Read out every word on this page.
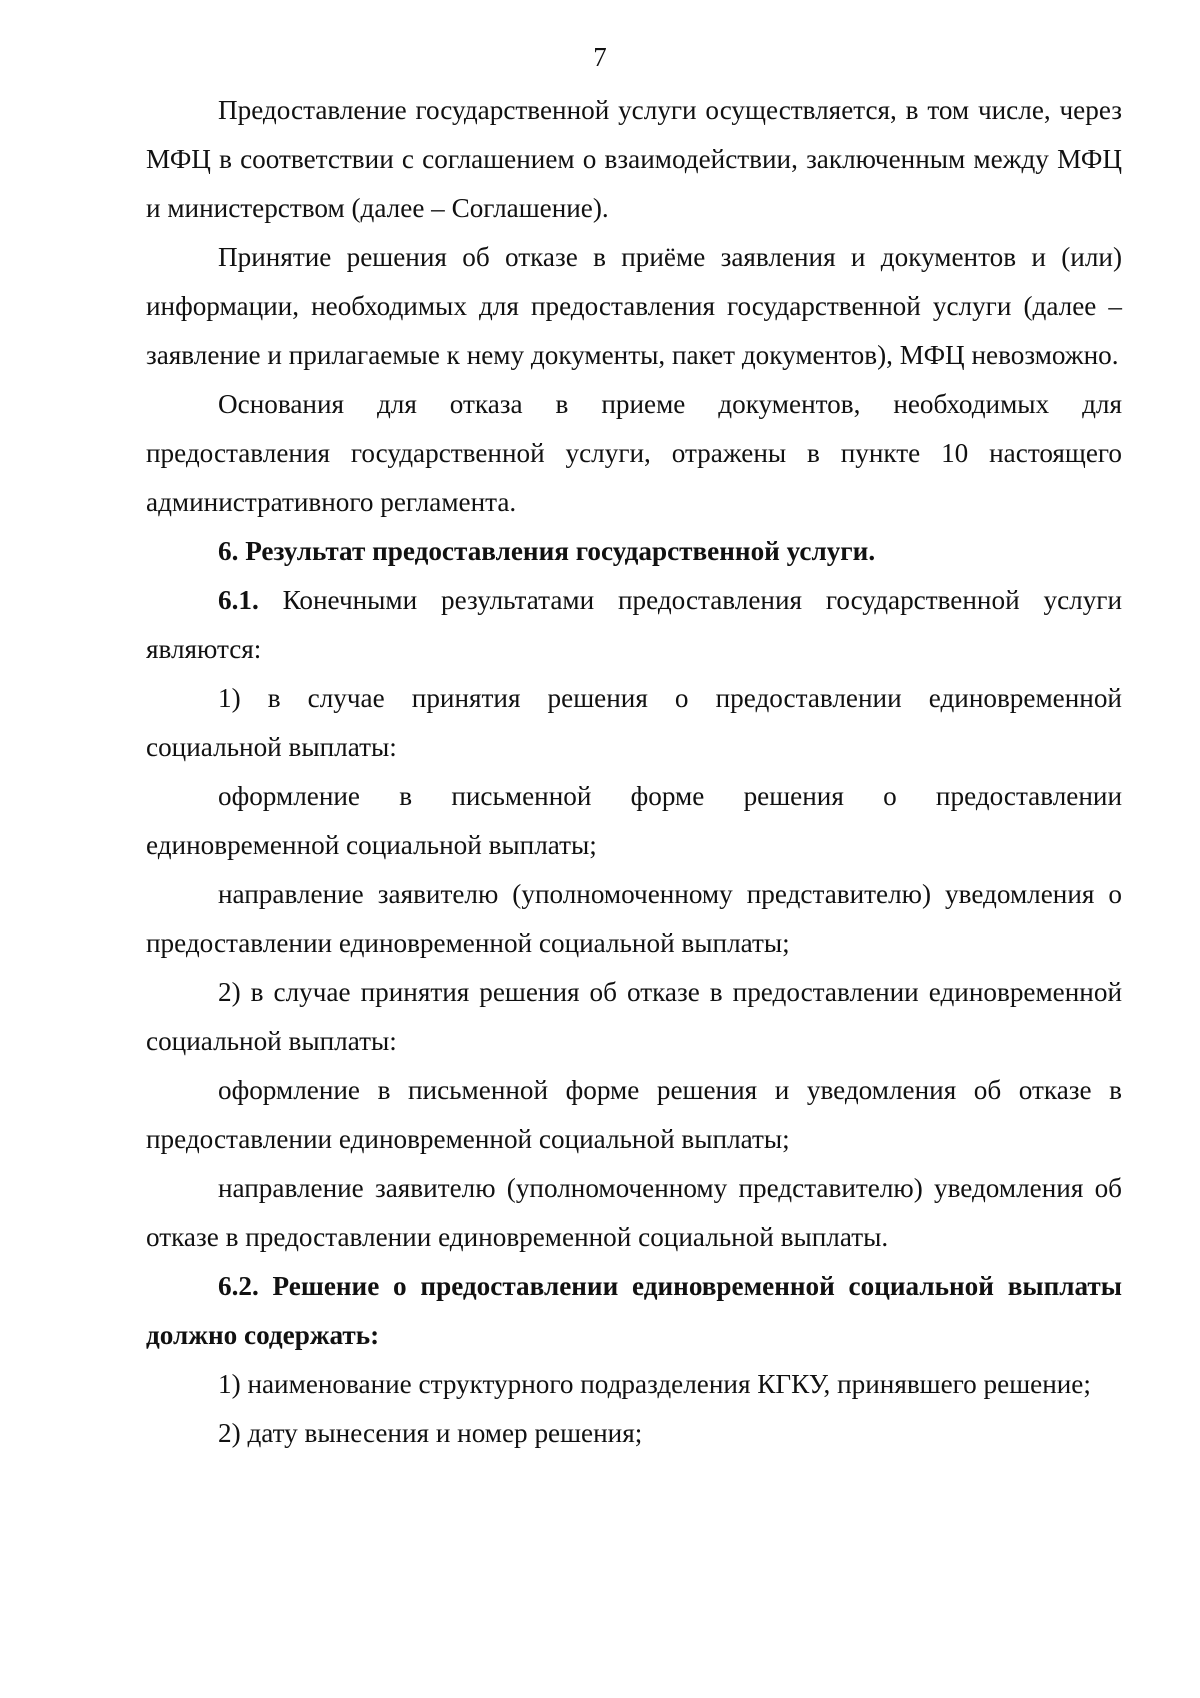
7

Предоставление государственной услуги осуществляется, в том числе, через МФЦ в соответствии с соглашением о взаимодействии, заключенным между МФЦ и министерством (далее – Соглашение).

Принятие решения об отказе в приёме заявления и документов и (или) информации, необходимых для предоставления государственной услуги (далее – заявление и прилагаемые к нему документы, пакет документов), МФЦ невозможно.

Основания для отказа в приеме документов, необходимых для предоставления государственной услуги, отражены в пункте 10 настоящего административного регламента.

6. Результат предоставления государственной услуги.

6.1. Конечными результатами предоставления государственной услуги являются:

1) в случае принятия решения о предоставлении единовременной социальной выплаты:

оформление в письменной форме решения о предоставлении единовременной социальной выплаты;

направление заявителю (уполномоченному представителю) уведомления о предоставлении единовременной социальной выплаты;

2) в случае принятия решения об отказе в предоставлении единовременной социальной выплаты:

оформление в письменной форме решения и уведомления об отказе в предоставлении единовременной социальной выплаты;

направление заявителю (уполномоченному представителю) уведомления об отказе в предоставлении единовременной социальной выплаты.

6.2. Решение о предоставлении единовременной социальной выплаты должно содержать:

1) наименование структурного подразделения КГКУ, принявшего решение;

2) дату вынесения и номер решения;
